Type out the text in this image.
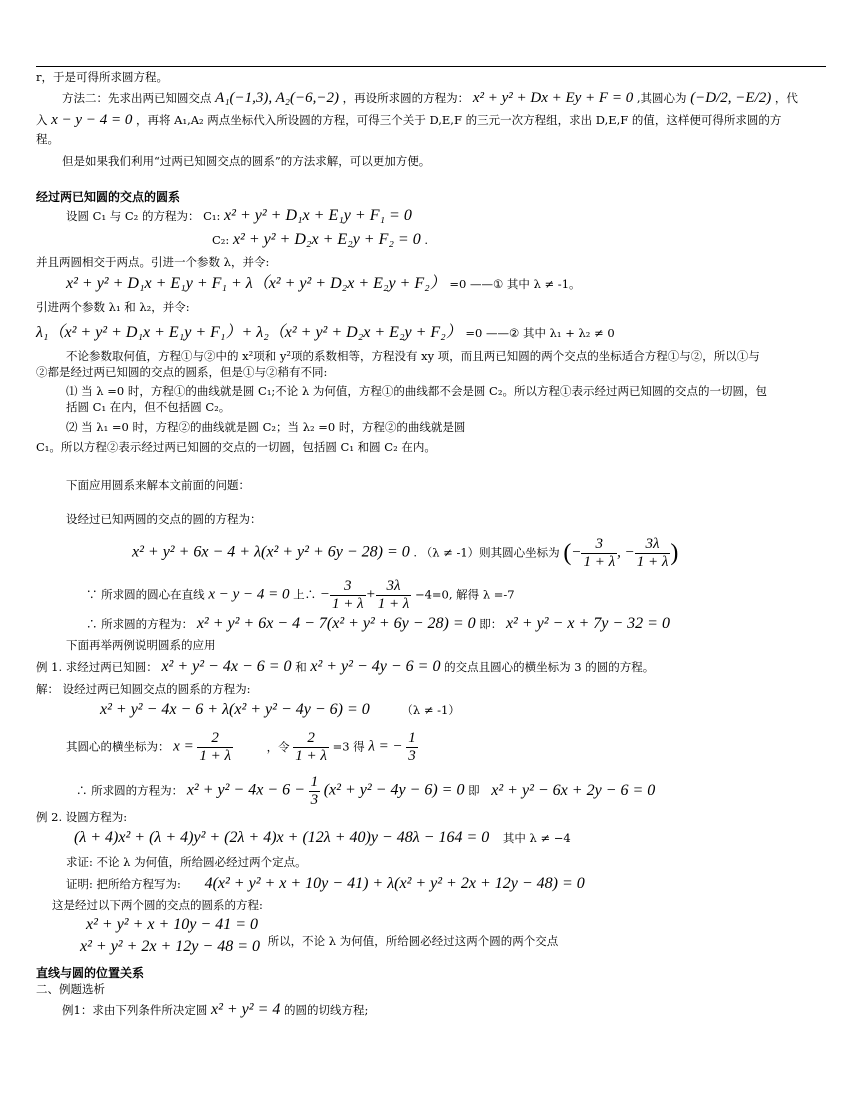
r，于是可得所求圆方程。
方法二：先求出两已知圆交点 A₁(−1,3), A₂(−6,−2) ，再设所求圆的方程为： x² + y² + Dx + Ey + F = 0 ,其圆心为 (−D/2, −E/2) ，代
入 x − y − 4 = 0 ，再将 A₁,A₂ 两点坐标代入所设圆的方程，可得三个关于 D,E,F 的三元一次方程组，求出 D,E,F 的值，这样便可得所求圆的方
程。
但是如果我们利用“过两已知圆交点的圆系”的方法求解，可以更加方便。
经过两已知圆的交点的圆系
设圆 C₁ 与 C₂ 的方程为： C₁: x² + y² + D₁x + E₁y + F₁ = 0
C₂: x² + y² + D₂x + E₂y + F₂ = 0 .
并且两圆相交于两点。引进一个参数 λ，并令:
x² + y² + D₁x + E₁y + F₁ + λ（x² + y² + D₂x + E₂y + F₂） =0 ——① 其中 λ ≠ -1。
引进两个参数 λ₁ 和 λ₂，并令:
λ₁（x² + y² + D₁x + E₁y + F₁）+ λ₂（x² + y² + D₂x + E₂y + F₂） =0 ——② 其中 λ₁ + λ₂ ≠ 0
不论参数取何值，方程①与②中的 x²项和 y²项的系数相等，方程没有 xy 项，而且两已知圆的两个交点的坐标适合方程①与②，所以①与
②都是经过两已知圆的交点的圆系，但是①与②稍有不同:
⑴ 当 λ =0 时，方程①的曲线就是圆 C₁;不论 λ 为何值，方程①的曲线都不会是圆 C₂。所以方程①表示经过两已知圆的交点的一切圆，包
括圆 C₁ 在内，但不包括圆 C₂。
⑵ 当 λ₁ =0 时，方程②的曲线就是圆 C₂；当 λ₂ =0 时，方程②的曲线就是圆
C₁。所以方程②表示经过两已知圆的交点的一切圆，包括圆 C₁ 和圆 C₂ 在内。
下面应用圆系来解本文前面的问题：
设经过已知两圆的交点的圆的方程为：
x² + y² + 6x − 4 + λ(x² + y² + 6y − 28) = 0 . （λ ≠ -1）则其圆心坐标为 (− $\frac{3}{1 + \lambda}$ , − $\frac{3\lambda}{1 + \lambda}$ )
∵ 所求圆的圆心在直线 x − y − 4 = 0 上∴ − $\frac{3}{1 + \lambda} + \frac{3\lambda}{1 + \lambda} -4=0$, 解得 λ =-7
∴ 所求圆的方程为： x² + y² + 6x − 4 − 7(x² + y² + 6y − 28) = 0 即： x² + y² − x + 7y − 32 = 0
下面再举两例说明圆系的应用
例 1. 求经过两已知圆： x² + y² − 4x − 6 = 0 和 x² + y² − 4y − 6 = 0 的交点且圆心的横坐标为 3 的圆的方程。
解： 设经过两已知圆交点的圆系的方程为:
x² + y² − 4x − 6 + λ(x² + y² − 4y − 6) = 0	（λ ≠ -1）
其圆心的横坐标为： $x = \frac{2}{1 + \lambda}$	，令 $\frac{2}{1 + \lambda} =3$ 得 λ = − $\frac{1}{3}$
∴ 所求圆的方程为： $x^2 + y^2 - 4x - 6 - \frac{1}{3} (x^2 + y^2 - 4y - 6) = 0$ 即 x² + y² − 6x + 2y − 6 = 0
例 2. 设圆方程为:
(λ + 4)x² + (λ + 4)y² + (2λ + 4)x + (12λ + 40)y − 48λ − 164 = 0 其中 λ ≠ −4
求证: 不论 λ 为何值，所给圆必经过两个定点。
证明: 把所给方程写为: 4(x² + y² + x + 10y − 41) + λ(x² + y² + 2x + 12y − 48) = 0
这是经过以下两个圆的交点的圆系的方程:
x² + y² + x + 10y − 41 = 0
x² + y² + 2x + 12y − 48 = 0 所以，不论 λ 为何值，所给圆必经过这两个圆的两个交点
直线与圆的位置关系
二、例题选析
例1：求由下列条件所决定圆 x² + y² = 4 的圆的切线方程;
